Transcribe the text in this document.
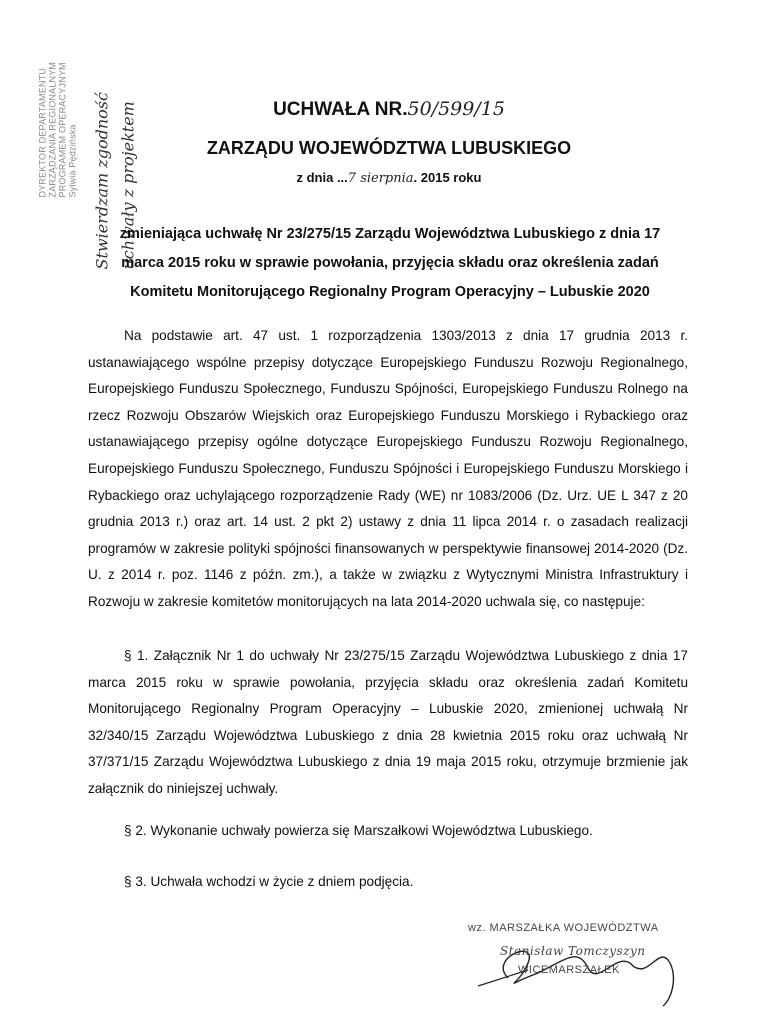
Stwierdzam zgodność uchwały z projektem
DYREKTOR DEPARTAMENTU ZARZĄDZANIA REGIONALNYM PROGRAMEM OPERACYJNYM Sylwia Pędzińska
UCHWAŁA NR.50/599/15
ZARZĄDU WOJEWÓDZTWA LUBUSKIEGO
z dnia ...7 sierpnia. 2015 roku

zmieniająca uchwałę Nr 23/275/15 Zarządu Województwa Lubuskiego z dnia 17 marca 2015 roku w sprawie powołania, przyjęcia składu oraz określenia zadań Komitetu Monitorującego Regionalny Program Operacyjny – Lubuskie 2020

Na podstawie art. 47 ust. 1 rozporządzenia 1303/2013 z dnia 17 grudnia 2013 r. ustanawiającego wspólne przepisy dotyczące Europejskiego Funduszu Rozwoju Regionalnego, Europejskiego Funduszu Społecznego, Funduszu Spójności, Europejskiego Funduszu Rolnego na rzecz Rozwoju Obszarów Wiejskich oraz Europejskiego Funduszu Morskiego i Rybackiego oraz ustanawiającego przepisy ogólne dotyczące Europejskiego Funduszu Rozwoju Regionalnego, Europejskiego Funduszu Społecznego, Funduszu Spójności i Europejskiego Funduszu Morskiego i Rybackiego oraz uchylającego rozporządzenie Rady (WE) nr 1083/2006 (Dz. Urz. UE L 347 z 20 grudnia 2013 r.) oraz art. 14 ust. 2 pkt 2) ustawy z dnia 11 lipca 2014 r. o zasadach realizacji programów w zakresie polityki spójności finansowanych w perspektywie finansowej 2014-2020 (Dz. U. z 2014 r. poz. 1146 z późn. zm.), a także w związku z Wytycznymi Ministra Infrastruktury i Rozwoju w zakresie komitetów monitorujących na lata 2014-2020 uchwala się, co następuje:

§ 1. Załącznik Nr 1 do uchwały Nr 23/275/15 Zarządu Województwa Lubuskiego z dnia 17 marca 2015 roku w sprawie powołania, przyjęcia składu oraz określenia zadań Komitetu Monitorującego Regionalny Program Operacyjny – Lubuskie 2020, zmienionej uchwałą Nr 32/340/15 Zarządu Województwa Lubuskiego z dnia 28 kwietnia 2015 roku oraz uchwałą Nr 37/371/15 Zarządu Województwa Lubuskiego z dnia 19 maja 2015 roku, otrzymuje brzmienie jak załącznik do niniejszej uchwały.

§ 2. Wykonanie uchwały powierza się Marszałkowi Województwa Lubuskiego.

§ 3. Uchwała wchodzi w życie z dniem podjęcia.

wz. MARSZAŁKA WOJEWÓDZTWA
Stanisław Tomczyszyn
WICEMARSZAŁEK
